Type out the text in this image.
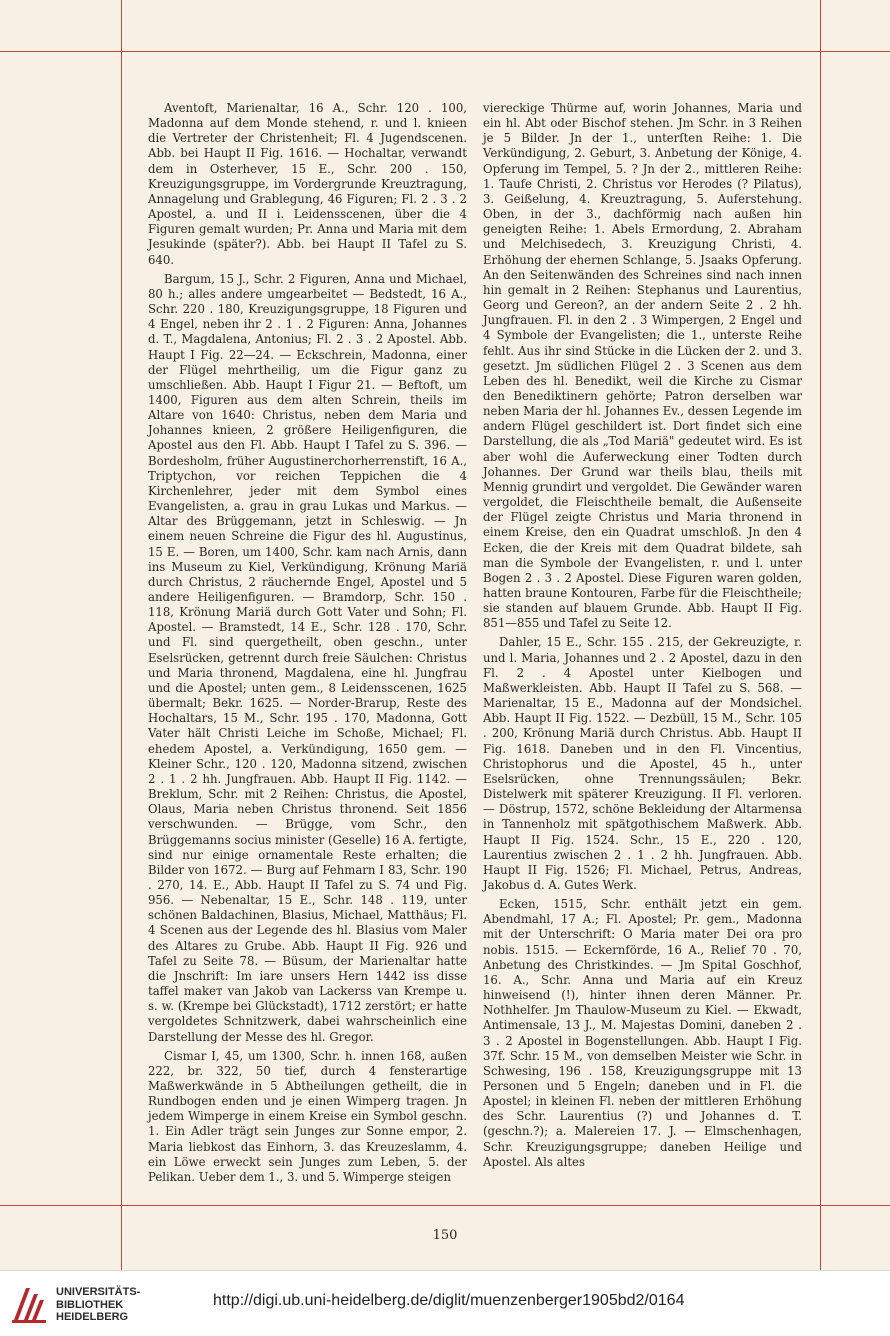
Aventoft, Marienaltar, 16 A., Schr. 120 . 100, Madonna auf dem Monde stehend, r. und l. knieen die Vertreter der Christenheit; Fl. 4 Jugendscenen. Abb. bei Haupt II Fig. 1616. — Hochaltar, verwandt dem in Osterhever, 15 E., Schr. 200 . 150, Kreuzigungsgruppe, im Vordergrunde Kreuztragung, Annagelung und Grablegung, 46 Figuren; Fl. 2 . 3 . 2 Apostel, a. und II i. Leidensscenen, über die 4 Figuren gemalt wurden; Pr. Anna und Maria mit dem Jesukinde (später?). Abb. bei Haupt II Tafel zu S. 640.

Bargum, 15 J., Schr. 2 Figuren, Anna und Michael, 80 h.; alles andere umgearbeitet — Bedstedt, 16 A., Schr. 220 . 180, Kreuzigungsgruppe, 18 Figuren und 4 Engel, neben ihr 2 . 1 . 2 Figuren: Anna, Johannes d. T., Magdalena, Antonius; Fl. 2 . 3 . 2 Apostel. Abb. Haupt I Fig. 22—24. — Eckschrein, Madonna, einer der Flügel mehrtheilig, um die Figur ganz zu umschließen. Abb. Haupt I Figur 21. — Beftoft, um 1400, Figuren aus dem alten Schrein, theils im Altare von 1640: Christus, neben dem Maria und Johannes knieen, 2 größere Heiligenfiguren, die Apostel aus den Fl. Abb. Haupt I Tafel zu S. 396. — Bordesholm, früher Augustinerchorherrenstift, 16 A., Triptychon, vor reichen Teppichen die 4 Kirchenlehrer, jeder mit dem Symbol eines Evangelisten, a. grau in grau Lukas und Markus. — Altar des Brüggemann, jetzt in Schleswig. — Jn einem neuen Schreine die Figur des hl. Augustinus, 15 E. — Boren, um 1400, Schr. kam nach Arnis, dann ins Museum zu Kiel, Verkündigung, Krönung Mariä durch Christus, 2 räuchernde Engel, Apostel und 5 andere Heiligenfiguren. — Bramdorp, Schr. 150 . 118, Krönung Mariä durch Gott Vater und Sohn; Fl. Apostel. — Bramstedt, 14 E., Schr. 128 . 170, Schr. und Fl. sind quergetheilt, oben geschn., unter Eselsrücken, getrennt durch freie Säulchen: Christus und Maria thronend, Magdalena, eine hl. Jungfrau und die Apostel; unten gem., 8 Leidensscenen, 1625 übermalt; Bekr. 1625. — Norder-Brarup, Reste des Hochaltars, 15 M., Schr. 195 . 170, Madonna, Gott Vater hält Christi Leiche im Schoße, Michael; Fl. ehedem Apostel, a. Verkündigung, 1650 gem. — Kleiner Schr., 120 . 120, Madonna sitzend, zwischen 2 . 1 . 2 hh. Jungfrauen. Abb. Haupt II Fig. 1142. — Breklum, Schr. mit 2 Reihen: Christus, die Apostel, Olaus, Maria neben Christus thronend. Seit 1856 verschwunden. — Brügge, vom Schr., den Brüggemanns socius minister (Geselle) 16 A. fertigte, sind nur einige ornamentale Reste erhalten; die Bilder von 1672. — Burg auf Fehmarn I 83, Schr. 190 . 270, 14. E., Abb. Haupt II Tafel zu S. 74 und Fig. 956. — Nebenaltar, 15 E., Schr. 148 . 119, unter schönen Baldachinen, Blasius, Michael, Matthäus; Fl. 4 Scenen aus der Legende des hl. Blasius vom Maler des Altares zu Grube. Abb. Haupt II Fig. 926 und Tafel zu Seite 78. — Büsum, der Marienaltar hatte die Jnschrift: Im iare unsers Hern 1442 iss disse taffel makeт van Jakob van Lackerss van Krempe u. s. w. (Krempe bei Glückstadt), 1712 zerstört; er hatte vergoldetes Schnitzwerk, dabei wahrscheinlich eine Darstellung der Messe des hl. Gregor.

Cismar I, 45, um 1300, Schr. h. innen 168, außen 222, br. 322, 50 tief, durch 4 fensterartige Maßwerkwände in 5 Abtheilungen getheilt, die in Rundbogen enden und je einen Wimperg tragen. Jn jedem Wimperge in einem Kreise ein Symbol geschn. 1. Ein Adler trägt sein Junges zur Sonne empor, 2. Maria liebkost das Einhorn, 3. das Kreuzeslamm, 4. ein Löwe erweckt sein Junges zum Leben, 5. der Pelikan. Ueber dem 1., 3. und 5. Wimperge steigen

viereckige Thürme auf, worin Johannes, Maria und ein hl. Abt oder Bischof stehen. Jm Schr. in 3 Reihen je 5 Bilder. Jn der 1., unterſten Reihe: 1. Die Verkündigung, 2. Geburt, 3. Anbetung der Könige, 4. Opferung im Tempel, 5. ? Jn der 2., mittleren Reihe: 1. Taufe Christi, 2. Christus vor Herodes (? Pilatus), 3. Geißelung, 4. Kreuztragung, 5. Auferstehung. Oben, in der 3., dachförmig nach außen hin geneigten Reihe: 1. Abels Ermordung, 2. Abraham und Melchisedech, 3. Kreuzigung Christi, 4. Erhöhung der ehernen Schlange, 5. Jsaaks Opferung. An den Seitenwänden des Schreines sind nach innen hin gemalt in 2 Reihen: Stephanus und Laurentius, Georg und Gereon?, an der andern Seite 2 . 2 hh. Jungfrauen. Fl. in den 2 . 3 Wimpergen, 2 Engel und 4 Symbole der Evangelisten; die 1., unterste Reihe fehlt. Aus ihr sind Stücke in die Lücken der 2. und 3. gesetzt. Jm südlichen Flügel 2 . 3 Scenen aus dem Leben des hl. Benedikt, weil die Kirche zu Cismar den Benediktinern gehörte; Patron derselben war neben Maria der hl. Johannes Ev., dessen Legende im andern Flügel geschildert ist. Dort findet sich eine Darstellung, die als „Tod Mariä" gedeutet wird. Es ist aber wohl die Auferweckung einer Todten durch Johannes. Der Grund war theils blau, theils mit Mennig grundirt und vergoldet. Die Gewänder waren vergoldet, die Fleischtheile bemalt, die Außenseite der Flügel zeigte Christus und Maria thronend in einem Kreise, den ein Quadrat umschloß. Jn den 4 Ecken, die der Kreis mit dem Quadrat bildete, sah man die Symbole der Evangelisten, r. und l. unter Bogen 2 . 3 . 2 Apostel. Diese Figuren waren golden, hatten braune Kontouren, Farbe für die Fleischtheile; sie standen auf blauem Grunde. Abb. Haupt II Fig. 851—855 und Tafel zu Seite 12.

Dahler, 15 E., Schr. 155 . 215, der Gekreuzigte, r. und l. Maria, Johannes und 2 . 2 Apostel, dazu in den Fl. 2 . 4 Apostel unter Kielbogen und Maßwerkleisten. Abb. Haupt II Tafel zu S. 568. — Marienaltar, 15 E., Madonna auf der Mondsichel. Abb. Haupt II Fig. 1522. — Dezbüll, 15 M., Schr. 105 . 200, Krönung Mariä durch Christus. Abb. Haupt II Fig. 1618. Daneben und in den Fl. Vincentius, Christophorus und die Apostel, 45 h., unter Eselsrücken, ohne Trennungssäulen; Bekr. Distelwerk mit späterer Kreuzigung. II Fl. verloren. — Döstrup, 1572, schöne Bekleidung der Altarmensa in Tannenholz mit spätgothischem Maßwerk. Abb. Haupt II Fig. 1524. Schr., 15 E., 220 . 120, Laurentius zwischen 2 . 1 . 2 hh. Jungfrauen. Abb. Haupt II Fig. 1526; Fl. Michael, Petrus, Andreas, Jakobus d. A. Gutes Werk.

Ecken, 1515, Schr. enthält jetzt ein gem. Abendmahl, 17 A.; Fl. Apostel; Pr. gem., Madonna mit der Unterschrift: O Maria mater Dei ora pro nobis. 1515. — Eckernförde, 16 A., Relief 70 . 70, Anbetung des Christkindes. — Jm Spital Goschhof, 16. A., Schr. Anna und Maria auf ein Kreuz hinweisend (!), hinter ihnen deren Männer. Pr. Nothhelfer. Jm Thaulow-Museum zu Kiel. — Ekwadt, Antimensale, 13 J., M. Majestas Domini, daneben 2 . 3 . 2 Apostel in Bogenstellungen. Abb. Haupt I Fig. 37f. Schr. 15 M., von demselben Meister wie Schr. in Schwesing, 196 . 158, Kreuzigungsgruppe mit 13 Personen und 5 Engeln; daneben und in Fl. die Apostel; in kleinen Fl. neben der mittleren Erhöhung des Schr. Laurentius (?) und Johannes d. T. (geschn.?); a. Malereien 17. J. — Elmschenhagen, Schr. Kreuzigungsgruppe; daneben Heilige und Apostel. Als altes

150
UNIVERSITÄTS-
BIBLIOTHEK
HEIDELBERG
http://digi.ub.uni-heidelberg.de/diglit/muenzenberger1905bd2/0164
